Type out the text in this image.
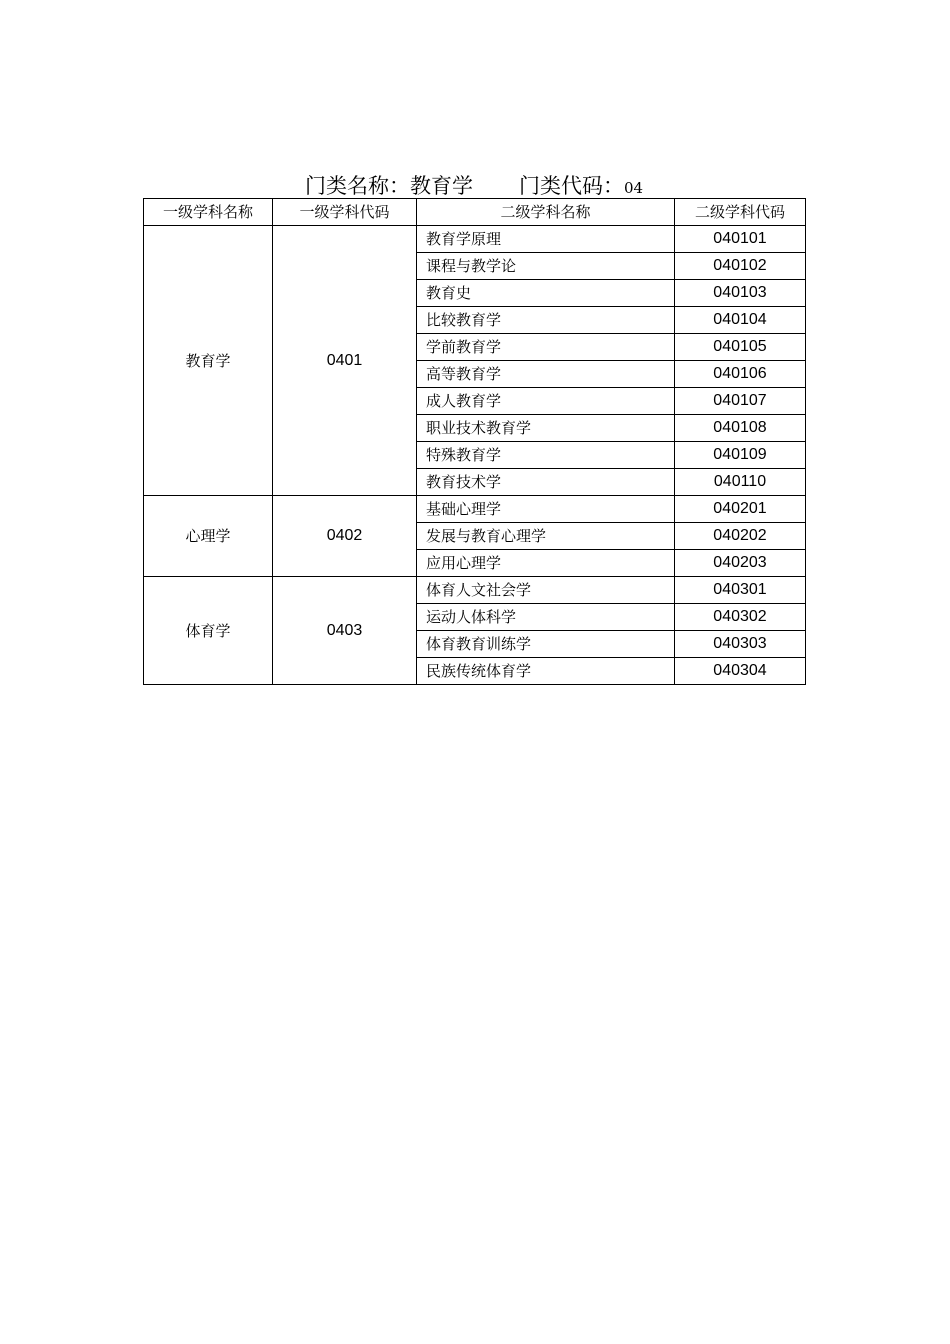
门类名称：教育学 门类代码：04
一级学科名称	一级学科代码	二级学科名称	二级学科代码
教育学	0401	教育学原理	040101
		课程与教学论	040102
		教育史	040103
		比较教育学	040104
		学前教育学	040105
		高等教育学	040106
		成人教育学	040107
		职业技术教育学	040108
		特殊教育学	040109
		教育技术学	040110
心理学	0402	基础心理学	040201
		发展与教育心理学	040202
		应用心理学	040203
体育学	0403	体育人文社会学	040301
		运动人体科学	040302
		体育教育训练学	040303
		民族传统体育学	040304
